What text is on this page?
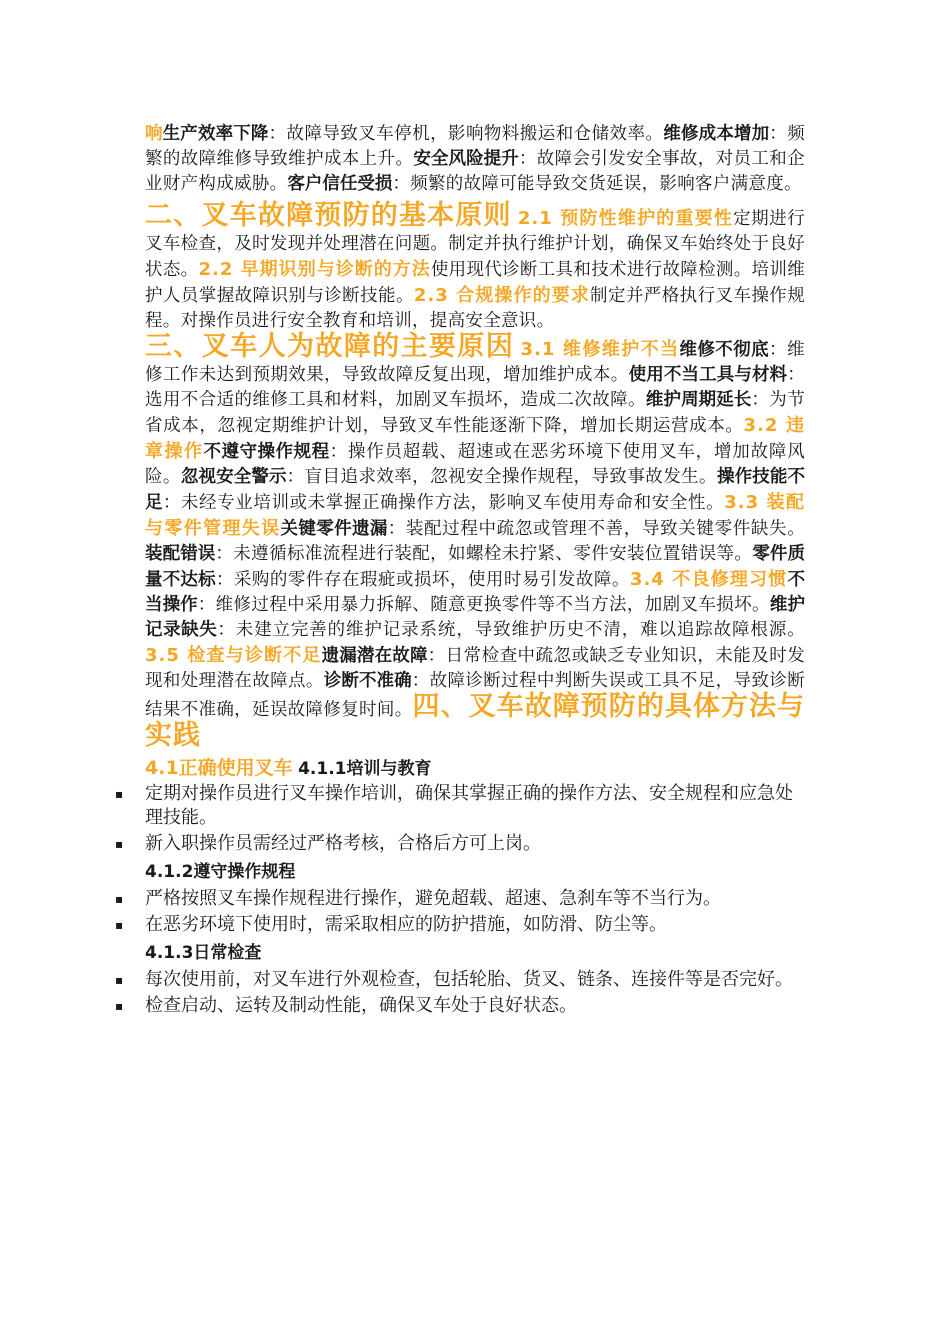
响生产效率下降：故障导致叉车停机，影响物料搬运和仓储效率。维修成本增加：频繁的故障维修导致维护成本上升。安全风险提升：故障会引发安全事故，对员工和企业财产构成威胁。客户信任受损：频繁的故障可能导致交货延误，影响客户满意度。

二、叉车故障预防的基本原则 2.1 预防性维护的重要性定期进行叉车检查，及时发现并处理潜在问题。制定并执行维护计划，确保叉车始终处于良好状态。2.2 早期识别与诊断的方法使用现代诊断工具和技术进行故障检测。培训维护人员掌握故障识别与诊断技能。2.3 合规操作的要求制定并严格执行叉车操作规程。对操作员进行安全教育和培训，提高安全意识。

三、叉车人为故障的主要原因 3.1 维修维护不当维修不彻底：维修工作未达到预期效果，导致故障反复出现，增加维护成本。使用不当工具与材料：选用不合适的维修工具和材料，加剧叉车损坏，造成二次故障。维护周期延长：为节省成本，忽视定期维护计划，导致叉车性能逐渐下降，增加长期运营成本。3.2 违章操作不遵守操作规程：操作员超载、超速或在恶劣环境下使用叉车，增加故障风险。忽视安全警示：盲目追求效率，忽视安全操作规程，导致事故发生。操作技能不足：未经专业培训或未掌握正确操作方法，影响叉车使用寿命和安全性。3.3 装配与零件管理失误关键零件遗漏：装配过程中疏忽或管理不善，导致关键零件缺失。装配错误：未遵循标准流程进行装配，如螺栓未拧紧、零件安装位置错误等。零件质量不达标：采购的零件存在瑕疵或损坏，使用时易引发故障。3.4 不良修理习惯不当操作：维修过程中采用暴力拆解、随意更换零件等不当方法，加剧叉车损坏。维护记录缺失：未建立完善的维护记录系统，导致维护历史不清，难以追踪故障根源。3.5 检查与诊断不足遗漏潜在故障：日常检查中疏忽或缺乏专业知识，未能及时发现和处理潜在故障点。诊断不准确：故障诊断过程中判断失误或工具不足，导致诊断结果不准确，延误故障修复时间。四、叉车故障预防的具体方法与实践

4.1正确使用叉车 4.1.1培训与教育

▪ 定期对操作员进行叉车操作培训，确保其掌握正确的操作方法、安全规程和应急处理技能。
▪ 新入职操作员需经过严格考核，合格后方可上岗。

4.1.2遵守操作规程

▪ 严格按照叉车操作规程进行操作，避免超载、超速、急刹车等不当行为。
▪ 在恶劣环境下使用时，需采取相应的防护措施，如防滑、防尘等。

4.1.3日常检查

▪ 每次使用前，对叉车进行外观检查，包括轮胎、货叉、链条、连接件等是否完好。
▪ 检查启动、运转及制动性能，确保叉车处于良好状态。
